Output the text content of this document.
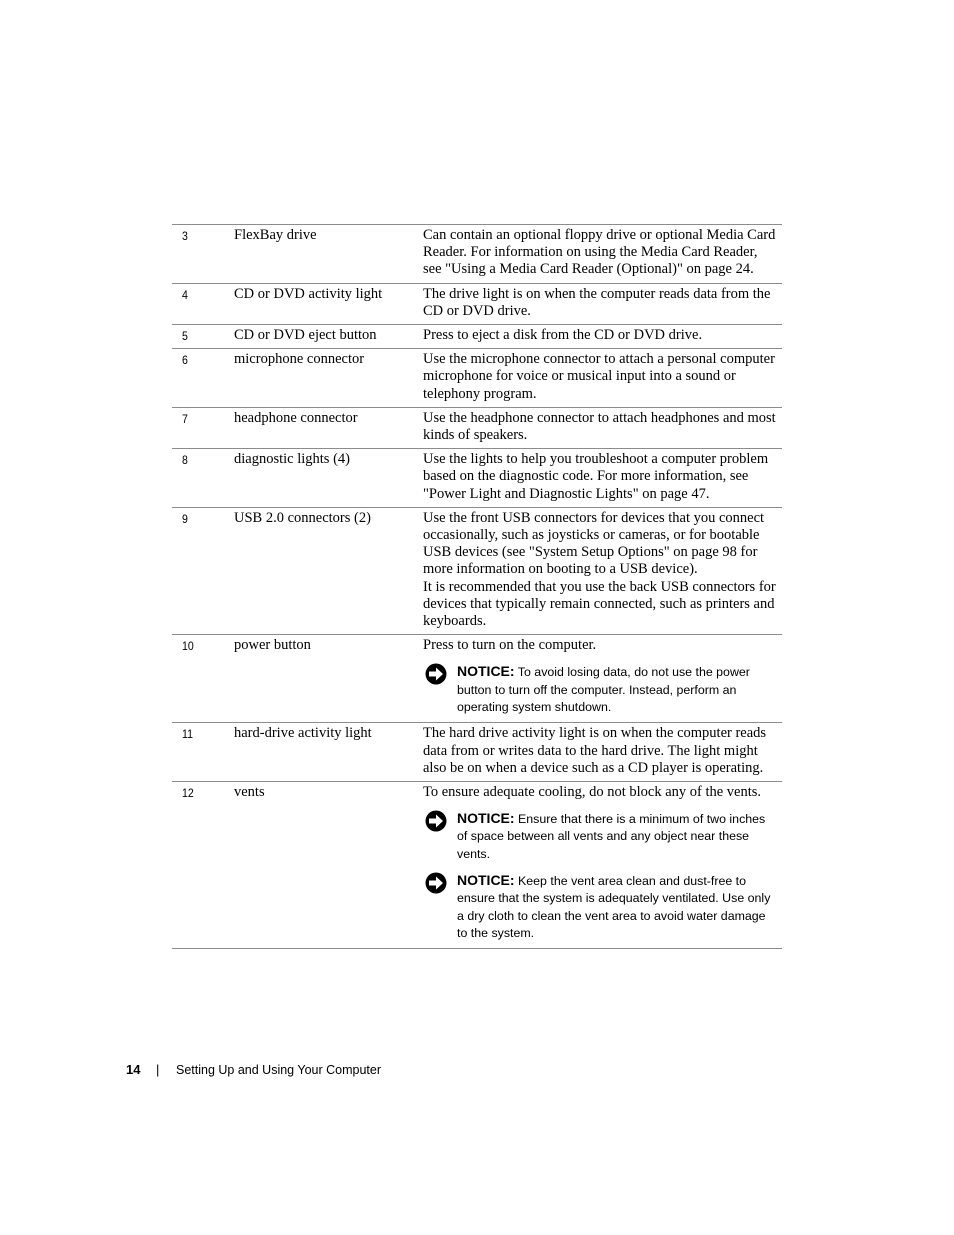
3	FlexBay drive	Can contain an optional floppy drive or optional Media Card Reader. For information on using the Media Card Reader, see "Using a Media Card Reader (Optional)" on page 24.

4	CD or DVD activity light	The drive light is on when the computer reads data from the CD or DVD drive.

5	CD or DVD eject button	Press to eject a disk from the CD or DVD drive.

6	microphone connector	Use the microphone connector to attach a personal computer microphone for voice or musical input into a sound or telephony program.

7	headphone connector	Use the headphone connector to attach headphones and most kinds of speakers.

8	diagnostic lights (4)	Use the lights to help you troubleshoot a computer problem based on the diagnostic code. For more information, see "Power Light and Diagnostic Lights" on page 47.

9	USB 2.0 connectors (2)	Use the front USB connectors for devices that you connect occasionally, such as joysticks or cameras, or for bootable USB devices (see "System Setup Options" on page 98 for more information on booting to a USB device).

It is recommended that you use the back USB connectors for devices that typically remain connected, such as printers and keyboards.

10	power button	Press to turn on the computer.

NOTICE: To avoid losing data, do not use the power button to turn off the computer. Instead, perform an operating system shutdown.

11	hard-drive activity light	The hard drive activity light is on when the computer reads data from or writes data to the hard drive. The light might also be on when a device such as a CD player is operating.

12	vents	To ensure adequate cooling, do not block any of the vents.

NOTICE: Ensure that there is a minimum of two inches of space between all vents and any object near these vents.
NOTICE: Keep the vent area clean and dust-free to ensure that the system is adequately ventilated. Use only a dry cloth to clean the vent area to avoid water damage to the system.
14 | Setting Up and Using Your Computer
